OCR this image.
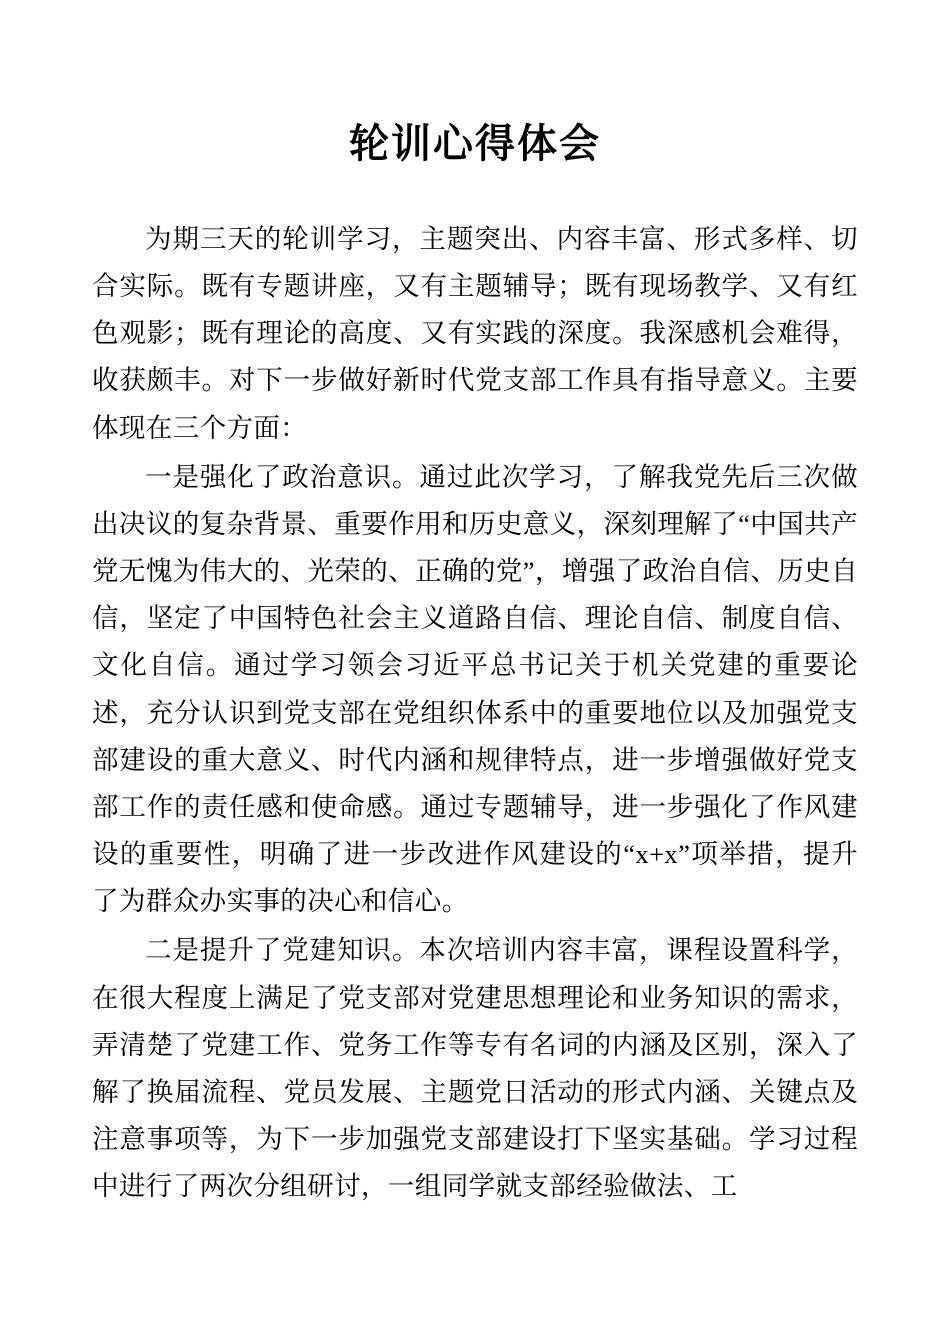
轮训心得体会

为期三天的轮训学习，主题突出、内容丰富、形式多样、切合实际。既有专题讲座，又有主题辅导；既有现场教学、又有红色观影；既有理论的高度、又有实践的深度。我深感机会难得，收获颇丰。对下一步做好新时代党支部工作具有指导意义。主要体现在三个方面：

一是强化了政治意识。通过此次学习，了解我党先后三次做出决议的复杂背景、重要作用和历史意义，深刻理解了“中国共产党无愧为伟大的、光荣的、正确的党”，增强了政治自信、历史自信，坚定了中国特色社会主义道路自信、理论自信、制度自信、文化自信。通过学习领会习近平总书记关于机关党建的重要论述，充分认识到党支部在党组织体系中的重要地位以及加强党支部建设的重大意义、时代内涵和规律特点，进一步增强做好党支部工作的责任感和使命感。通过专题辅导，进一步强化了作风建设的重要性，明确了进一步改进作风建设的“x+x”项举措，提升了为群众办实事的决心和信心。

二是提升了党建知识。本次培训内容丰富，课程设置科学，在很大程度上满足了党支部对党建思想理论和业务知识的需求，弄清楚了党建工作、党务工作等专有名词的内涵及区别，深入了解了换届流程、党员发展、主题党日活动的形式内涵、关键点及注意事项等，为下一步加强党支部建设打下坚实基础。学习过程中进行了两次分组研讨，一组同学就支部经验做法、工
